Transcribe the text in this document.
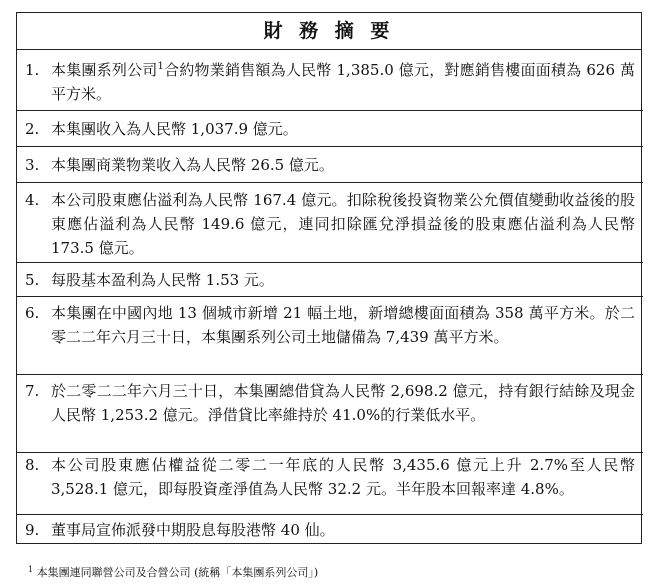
財 務 摘 要
1. 本集團系列公司$^1$合約物業銷售額為人民幣 1,385.0 億元，對應銷售樓面面積為 626 萬平方米。
2. 本集團收入為人民幣 1,037.9 億元。
3. 本集團商業物業收入為人民幣 26.5 億元。
4. 本公司股東應佔溢利為人民幣 167.4 億元。扣除稅後投資物業公允價值變動收益後的股東應佔溢利為人民幣 149.6 億元，連同扣除匯兌淨損益後的股東應佔溢利為人民幣 173.5 億元。
5. 每股基本盈利為人民幣 1.53 元。
6. 本集團在中國內地 13 個城市新增 21 幅土地，新增總樓面面積為 358 萬平方米。於二零二二年六月三十日，本集團系列公司土地儲備為 7,439 萬平方米。
7. 於二零二二年六月三十日，本集團總借貸為人民幣 2,698.2 億元，持有銀行結餘及現金人民幣 1,253.2 億元。淨借貸比率維持於 41.0%的行業低水平。
8. 本公司股東應佔權益從二零二一年底的人民幣 3,435.6 億元上升 2.7%至人民幣 3,528.1 億元，即每股資產淨值為人民幣 32.2 元。半年股本回報率達 4.8%。
9. 董事局宣佈派發中期股息每股港幣 40 仙。
$^1$ 本集團連同聯營公司及合營公司 (統稱「本集團系列公司」)
